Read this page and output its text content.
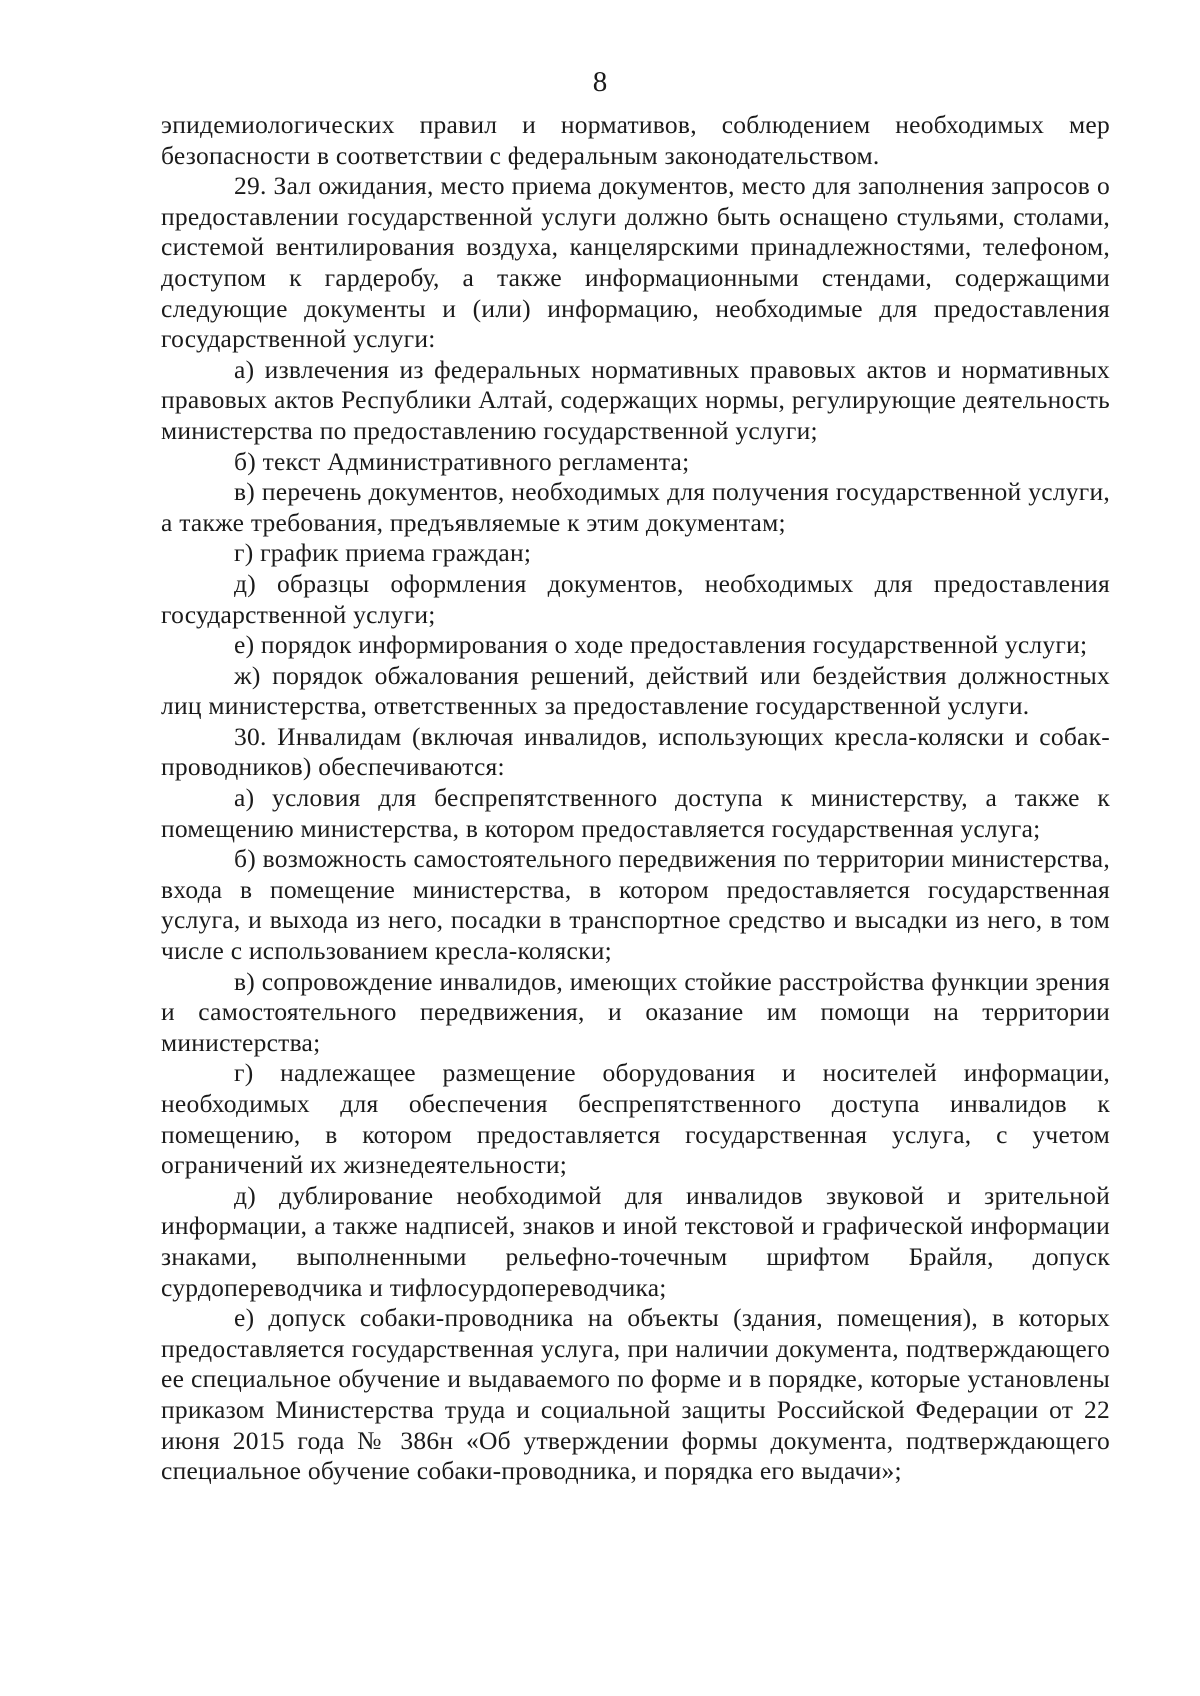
8

эпидемиологических правил и нормативов, соблюдением необходимых мер безопасности в соответствии с федеральным законодательством.

29. Зал ожидания, место приема документов, место для заполнения запросов о предоставлении государственной услуги должно быть оснащено стульями, столами, системой вентилирования воздуха, канцелярскими принадлежностями, телефоном, доступом к гардеробу, а также информационными стендами, содержащими следующие документы и (или) информацию, необходимые для предоставления государственной услуги:

а) извлечения из федеральных нормативных правовых актов и нормативных правовых актов Республики Алтай, содержащих нормы, регулирующие деятельность министерства по предоставлению государственной услуги;

б) текст Административного регламента;

в) перечень документов, необходимых для получения государственной услуги, а также требования, предъявляемые к этим документам;

г) график приема граждан;

д) образцы оформления документов, необходимых для предоставления государственной услуги;

е) порядок информирования о ходе предоставления государственной услуги;

ж) порядок обжалования решений, действий или бездействия должностных лиц министерства, ответственных за предоставление государственной услуги.

30. Инвалидам (включая инвалидов, использующих кресла-коляски и собак-проводников) обеспечиваются:

а) условия для беспрепятственного доступа к министерству, а также к помещению министерства, в котором предоставляется государственная услуга;

б) возможность самостоятельного передвижения по территории министерства, входа в помещение министерства, в котором предоставляется государственная услуга, и выхода из него, посадки в транспортное средство и высадки из него, в том числе с использованием кресла-коляски;

в) сопровождение инвалидов, имеющих стойкие расстройства функции зрения и самостоятельного передвижения, и оказание им помощи на территории министерства;

г) надлежащее размещение оборудования и носителей информации, необходимых для обеспечения беспрепятственного доступа инвалидов к помещению, в котором предоставляется государственная услуга, с учетом ограничений их жизнедеятельности;

д) дублирование необходимой для инвалидов звуковой и зрительной информации, а также надписей, знаков и иной текстовой и графической информации знаками, выполненными рельефно-точечным шрифтом Брайля, допуск сурдопереводчика и тифлосурдопереводчика;

е) допуск собаки-проводника на объекты (здания, помещения), в которых предоставляется государственная услуга, при наличии документа, подтверждающего ее специальное обучение и выдаваемого по форме и в порядке, которые установлены приказом Министерства труда и социальной защиты Российской Федерации от 22 июня 2015 года № 386н «Об утверждении формы документа, подтверждающего специальное обучение собаки-проводника, и порядка его выдачи»;
